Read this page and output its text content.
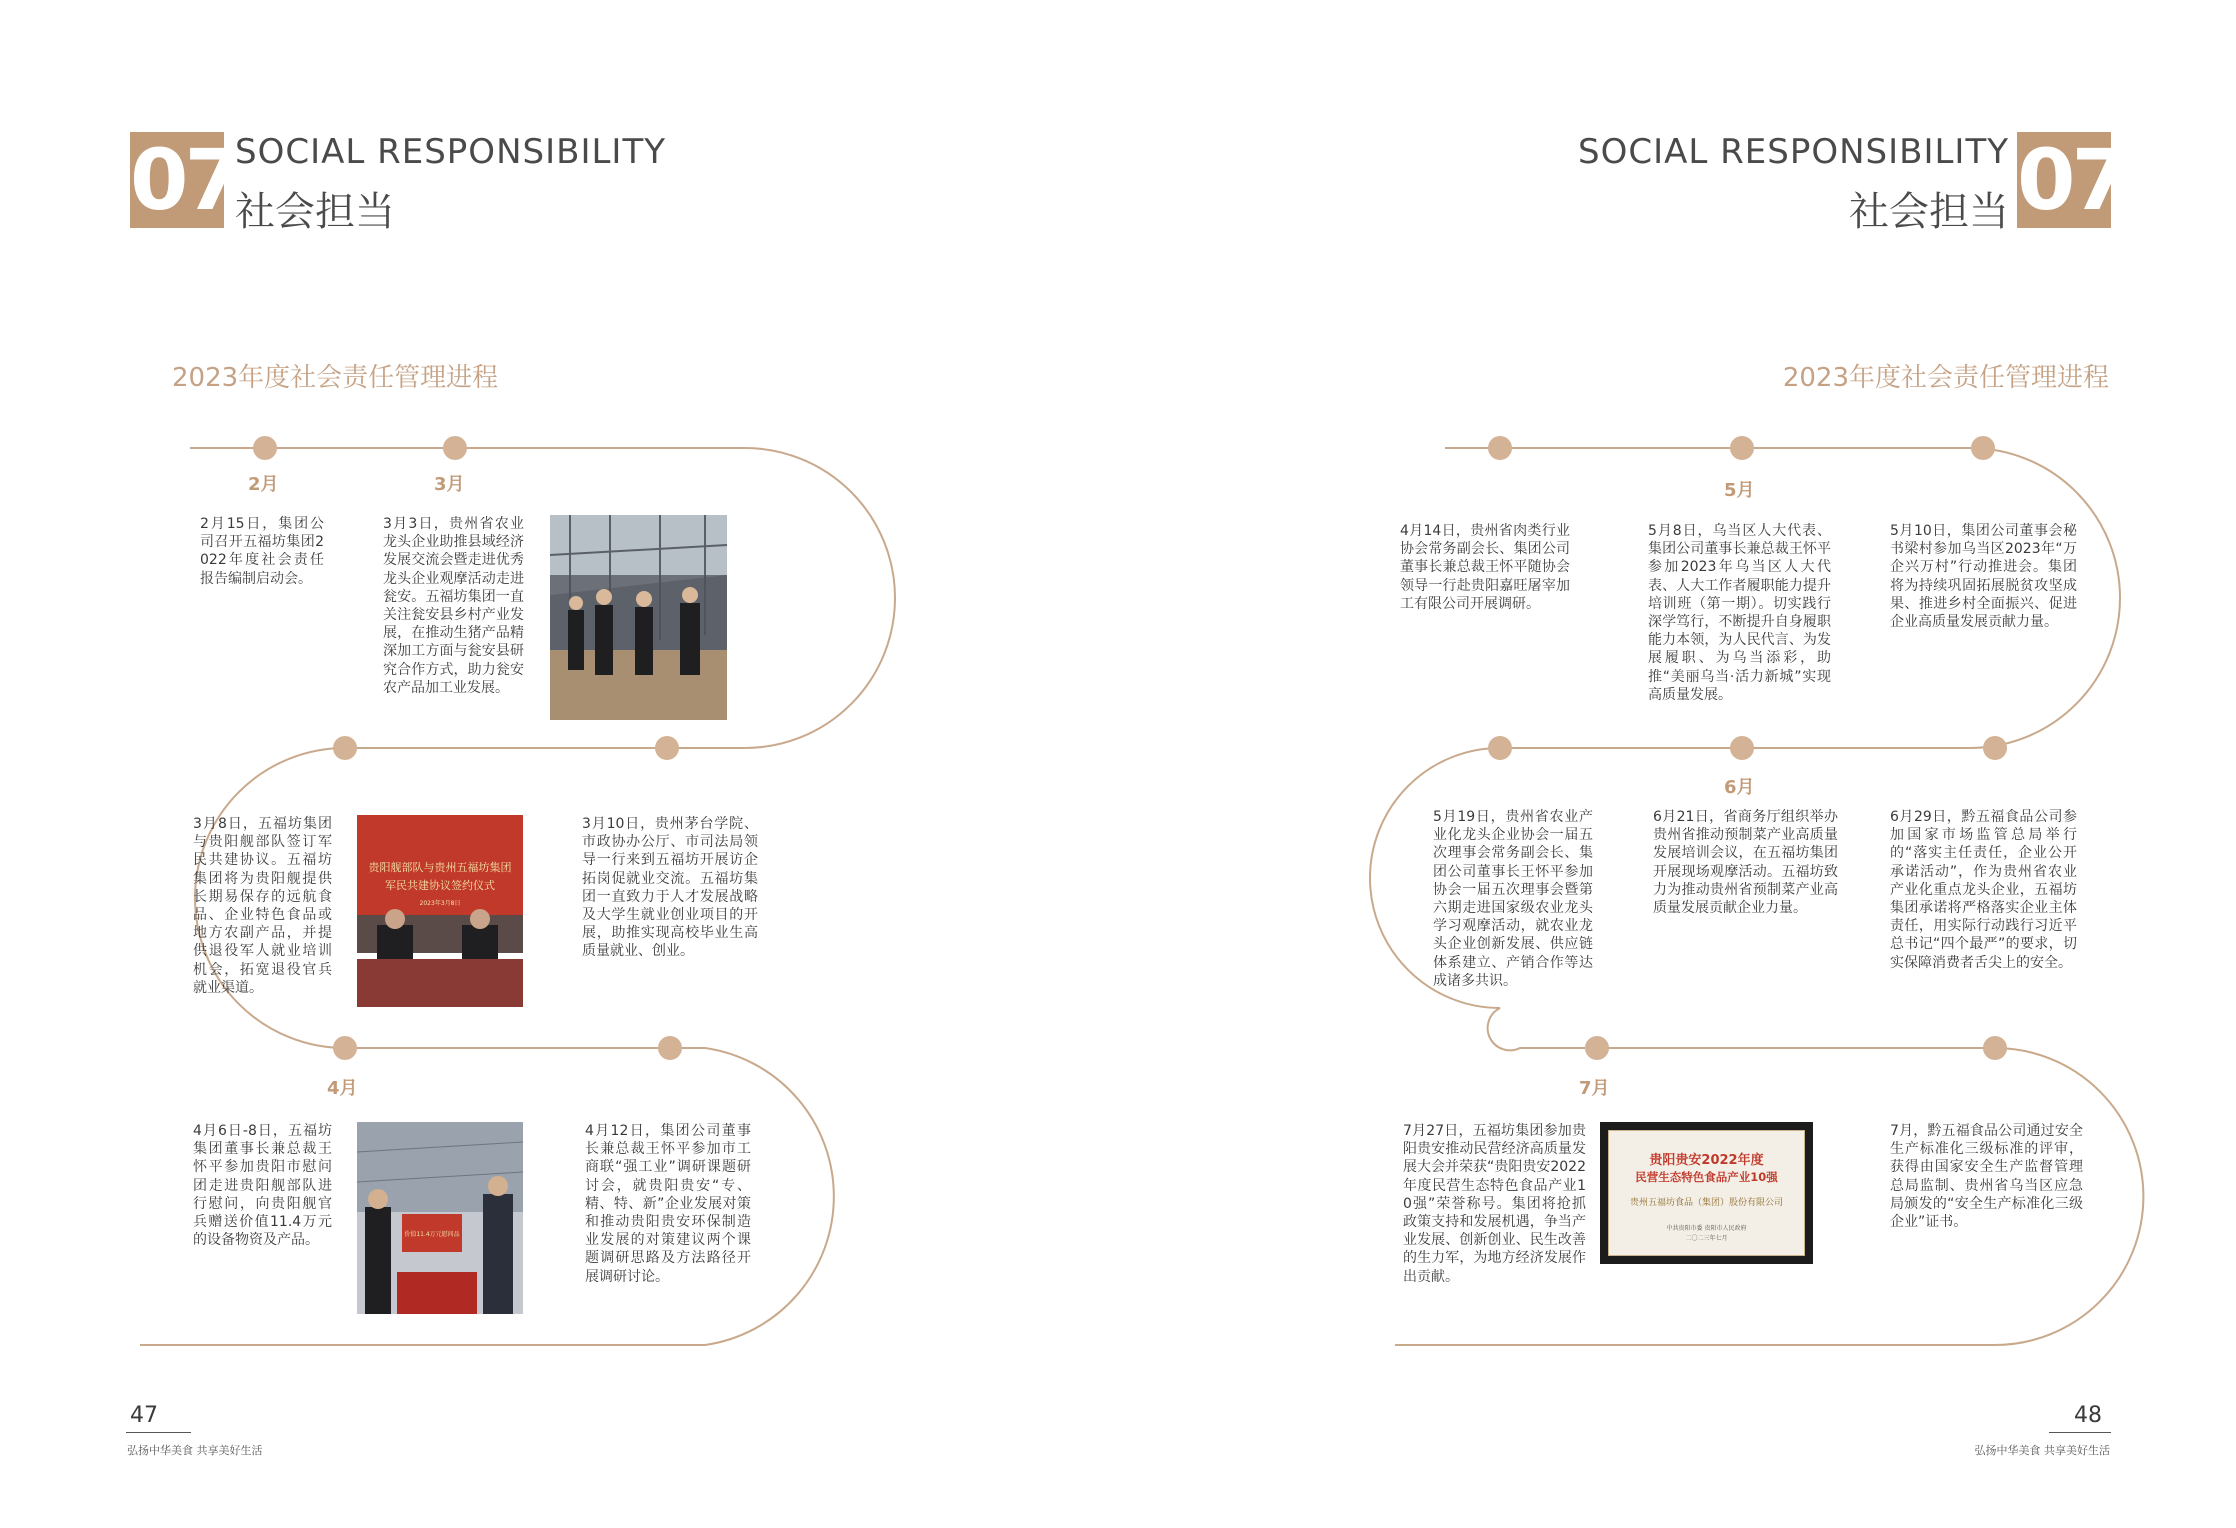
07
SOCIAL RESPONSIBILITY
社会担当
2023年度社会责任管理进程
2月	3月
4月
2月15日，集团公司召开五福坊集团2022年度社会责任报告编制启动会。
3月3日，贵州省农业龙头企业助推县域经济发展交流会暨走进优秀龙头企业观摩活动走进瓮安。五福坊集团一直关注瓮安县乡村产业发展，在推动生猪产品精深加工方面与瓮安县研究合作方式，助力瓮安农产品加工业发展。
3月8日，五福坊集团与贵阳舰部队签订军民共建协议。五福坊集团将为贵阳舰提供长期易保存的远航食品、企业特色食品或地方农副产品，并提供退役军人就业培训机会，拓宽退役官兵就业渠道。
3月10日，贵州茅台学院、市政协办公厅、市司法局领导一行来到五福坊开展访企拓岗促就业交流。五福坊集团一直致力于人才发展战略及大学生就业创业项目的开展，助推实现高校毕业生高质量就业、创业。
4月6日-8日，五福坊集团董事长兼总裁王怀平参加贵阳市慰问团走进贵阳舰部队进行慰问，向贵阳舰官兵赠送价值11.4万元的设备物资及产品。
4月12日，集团公司董事长兼总裁王怀平参加市工商联“强工业”调研课题研讨会，就贵阳贵安“专、精、特、新”企业发展对策和推动贵阳贵安环保制造业发展的对策建议两个课题调研思路及方法路径开展调研讨论。
贵阳舰部队与贵州五福坊集团
军民共建协议签约仪式
2023年3月8日
价值11.4万元慰问品
47
弘扬中华美食 共享美好生活
07
SOCIAL RESPONSIBILITY
社会担当
2023年度社会责任管理进程
5月
6月
7月
4月14日，贵州省肉类行业协会常务副会长、集团公司董事长兼总裁王怀平随协会领导一行赴贵阳嘉旺屠宰加工有限公司开展调研。
5月8日，乌当区人大代表、集团公司董事长兼总裁王怀平参加2023年乌当区人大代表、人大工作者履职能力提升培训班（第一期）。切实践行深学笃行，不断提升自身履职能力本领，为人民代言、为发展履职、为乌当添彩，助推“美丽乌当·活力新城”实现高质量发展。
5月10日，集团公司董事会秘书梁村参加乌当区2023年“万企兴万村”行动推进会。集团将为持续巩固拓展脱贫攻坚成果、推进乡村全面振兴、促进企业高质量发展贡献力量。
5月19日，贵州省农业产业化龙头企业协会一届五次理事会常务副会长、集团公司董事长王怀平参加协会一届五次理事会暨第六期走进国家级农业龙头学习观摩活动，就农业龙头企业创新发展、供应链体系建立、产销合作等达成诸多共识。
6月21日，省商务厅组织举办贵州省推动预制菜产业高质量发展培训会议，在五福坊集团开展现场观摩活动。五福坊致力为推动贵州省预制菜产业高质量发展贡献企业力量。
6月29日，黔五福食品公司参加国家市场监管总局举行的“落实主任责任，企业公开承诺活动”，作为贵州省农业产业化重点龙头企业，五福坊集团承诺将严格落实企业主体责任，用实际行动践行习近平总书记“四个最严”的要求，切实保障消费者舌尖上的安全。
7月27日，五福坊集团参加贵阳贵安推动民营经济高质量发展大会并荣获“贵阳贵安2022年度民营生态特色食品产业10强”荣誉称号。集团将抢抓政策支持和发展机遇，争当产业发展、创新创业、民生改善的生力军，为地方经济发展作出贡献。
7月，黔五福食品公司通过安全生产标准化三级标准的评审，获得由国家安全生产监督管理总局监制、贵州省乌当区应急局颁发的“安全生产标准化三级企业”证书。
贵阳贵安2022年度
民营生态特色食品产业10强
贵州五福坊食品（集团）股份有限公司
中共贵阳市委 贵阳市人民政府
二〇二三年七月
48
弘扬中华美食 共享美好生活
